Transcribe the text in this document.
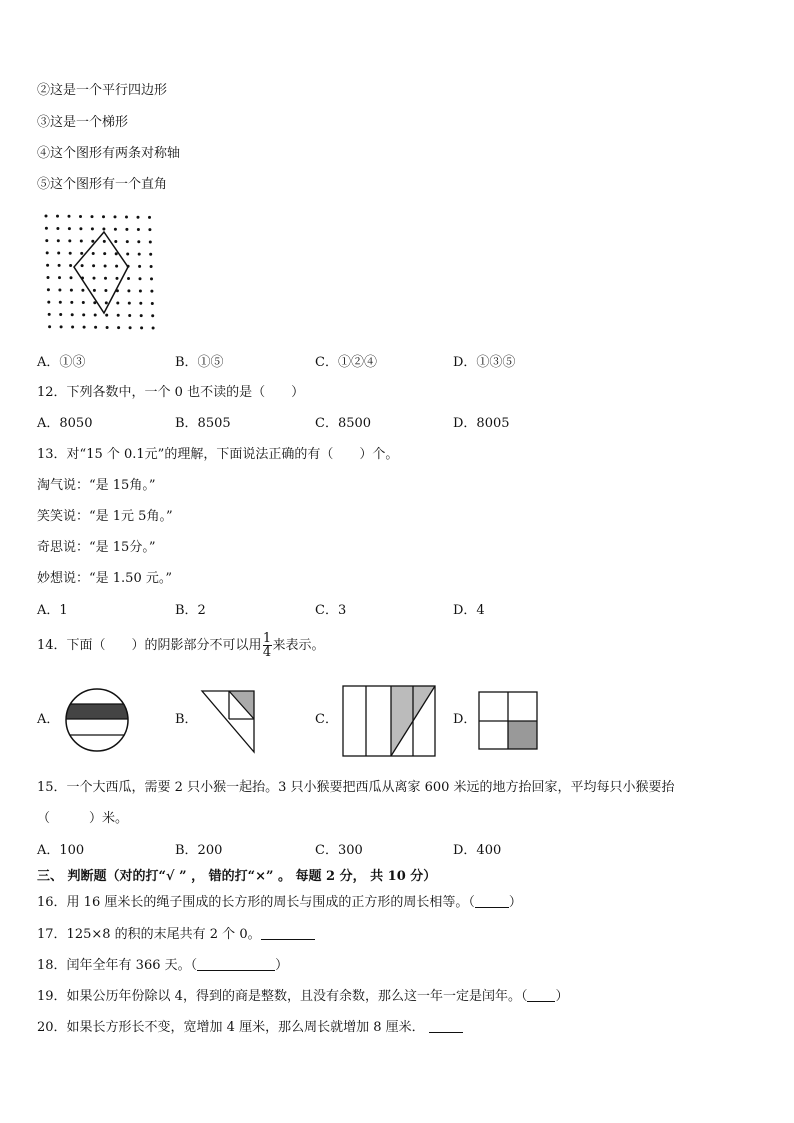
②这是一个平行四边形
③这是一个梯形
④这个图形有两条对称轴
⑤这个图形有一个直角
A．①③	B．①⑤	C．①②④	D．①③⑤
12．下列各数中，一个 0 也不读的是（　　）
A．8050	B．8505	C．8500	D．8005
13．对“15 个 0.1元”的理解，下面说法正确的有（　　）个。
淘气说：“是 15角。”
笑笑说：“是 1元 5角。”
奇思说：“是 15分。”
妙想说：“是 1.50 元。”
A．1	B．2	C．3	D．4
14．下面（　　）的阴影部分不可以用 $\frac{1}{4}$ 来表示。
A．	B．	C．	D．
15．一个大西瓜，需要 2 只小猴一起抬。3 只小猴要把西瓜从离家 600 米远的地方抬回家，平均每只小猴要抬
（　　　）米。
A．100	B．200	C．300	D．400
三、 判断题（对的打“√ ” ， 错的打“×” 。 每题 2 分， 共 10 分）
16．用 16 厘米长的绳子围成的长方形的周长与围成的正方形的周长相等。（	）
17．125×8 的积的末尾共有 2 个 0。
18．闰年全年有 366 天。（	）
19．如果公历年份除以 4，得到的商是整数，且没有余数，那么这一年一定是闰年。（ ）
20．如果长方形长不变，宽增加 4 厘米，那么周长就增加 8 厘米．
